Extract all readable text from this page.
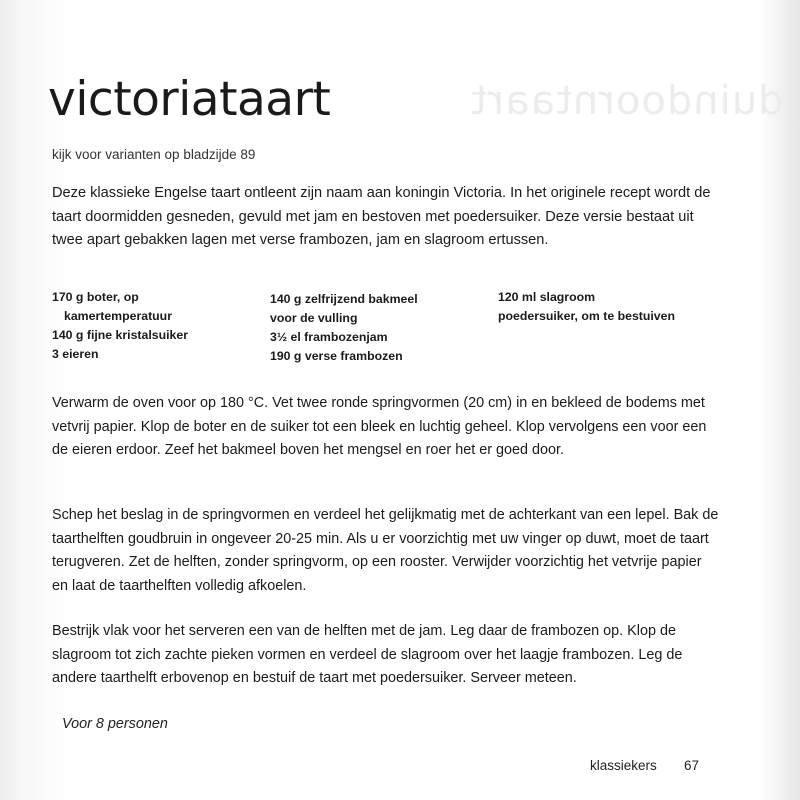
duindoorntaart
victoriataart
kijk voor varianten op bladzijde 89

Deze klassieke Engelse taart ontleent zijn naam aan koningin Victoria. In het originele recept wordt de taart doormidden gesneden, gevuld met jam en bestoven met poedersuiker. Deze versie bestaat uit twee apart gebakken lagen met verse frambozen, jam en slagroom ertussen.

170 g boter, op
kamertemperatuur
140 g fijne kristalsuiker
3 eieren
140 g zelfrijzend bakmeel
voor de vulling
3½ el frambozenjam
190 g verse frambozen
120 ml slagroom
poedersuiker, om te bestuiven

Verwarm de oven voor op 180 °C. Vet twee ronde springvormen (20 cm) in en bekleed de bodems met vetvrij papier. Klop de boter en de suiker tot een bleek en luchtig geheel. Klop vervolgens een voor een de eieren erdoor. Zeef het bakmeel boven het mengsel en roer het er goed door.

Schep het beslag in de springvormen en verdeel het gelijkmatig met de achterkant van een lepel. Bak de taarthelften goudbruin in ongeveer 20-25 min. Als u er voorzichtig met uw vinger op duwt, moet de taart terugveren. Zet de helften, zonder springvorm, op een rooster. Verwijder voorzichtig het vetvrije papier en laat de taarthelften volledig afkoelen.

Bestrijk vlak voor het serveren een van de helften met de jam. Leg daar de frambozen op. Klop de slagroom tot zich zachte pieken vormen en verdeel de slagroom over het laagje frambozen. Leg de andere taarthelft erbovenop en bestuif de taart met poedersuiker. Serveer meteen.

Voor 8 personen
klassiekers 67
